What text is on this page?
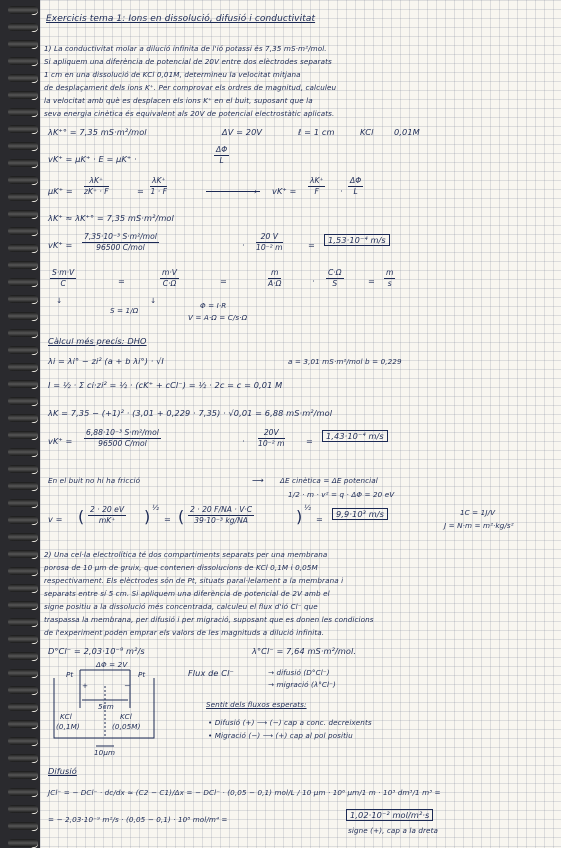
Exercicis tema 1: Ions en dissolució, difusió i conductivitat
1) La conductivitat molar a dilució infinita de l'ió potassi és 7,35 mS·m²/mol.
Si apliquem una diferència de potencial de 20V entre dos elèctrodes separats
1 cm en una dissolució de KCl 0,01M, determineu la velocitat mitjana
de desplaçament dels ions K⁺. Per comprovar els ordres de magnitud, calculeu
la velocitat amb què es desplacen els ions K⁺ en el buit, suposant que la
seva energia cinètica és equivalent als 20V de potencial electrostàtic aplicats.
λK⁺° = 7,35 mS·m²/mol	ΔV = 20V	ℓ = 1 cm	KCl	0,01M
vK⁺ = μK⁺ · E = μK⁺ ·	$\frac{\Delta\Phi}{L}$
$\mu K^+ = \frac{\lambda K^+}{zK^+ \cdot F}$	= $\frac{\lambda K^+}{1 \cdot F}$	› $vK^+ = \frac{\lambda K^+}{F} \cdot \frac{\Delta\Phi}{L}$
λK⁺ ≈ λK⁺° = 7,35 mS·m²/mol
vK⁺ =
7,35·10⁻³ S·m²/mol
96500 C/mol	· $\frac{20 V}{\text{10⁻² m}}$	=	1,53·10⁻⁴ m/s
$\frac{S\cdot m\cdot V}{C}$	=	$\frac{m\cdot V}{C\cdot\Omega}$	=	$\frac{m}{A\cdot\Omega}$	· $\frac{C\cdot\Omega}{S}$	= $\frac{m}{s}$
↓	↓
S = 1/Ω
Φ = I·R
V = A·Ω = C/s·Ω
Càlcul més precís: DHO
λi = λi° − zi² (a + b λi°) · √I	a = 3,01 mS·m²/mol b = 0,229
I = ½ · Σ ci·zi² = ½ · (cK⁺ + cCl⁻) = ½ · 2c = c = 0,01 M
λK = 7,35 − (+1)² · (3,01 + 0,229 · 7,35) · √0,01 = 6,88 mS·m²/mol
vK⁺ =
6,88·10⁻³ S·m²/mol
96500 C/mol	· $\frac{20V}{\text{10⁻² m}}$	=	1,43·10⁻⁴ m/s
En el buit no hi ha fricció	⟶ ΔE cinètica = ΔE potencial
1/2 · m · v² = q · ΔΦ = 20 eV
v = ( $\frac{2 \cdot 20 eV}{mK^+}$ ) ½
= ( $\frac{2 \cdot 20 F/NA \cdot V\cdot C}{\text{39·10⁻³ kg/NA}}$	) ½
=	9,9·10³ m/s	1C = 1J/V
J = N·m = m²·kg/s²
2) Una cel·la electrolítica té dos compartiments separats per una membrana
porosa de 10 μm de gruix, que contenen dissolucions de KCl 0,1M i 0,05M
respectivament. Els elèctrodes són de Pt, situats paral·lelament a la membrana i
separats entre sí 5 cm. Si apliquem una diferència de potencial de 2V amb el
signe positiu a la dissolució més concentrada, calculeu el flux d'ió Cl⁻ que
traspassa la membrana, per difusió i per migració, suposant que es donen les condicions
de l'experiment poden emprar els valors de les magnituds a dilució infinita.
D°Cl⁻ = 2,03·10⁻⁹ m²/s	λ°Cl⁻ = 7,64 mS·m²/mol.
ΔΦ = 2V
Pt	Pt
+	−
5cm
KCl
(0,1M)
KCl
(0,05M)
10μm
Flux de Cl⁻	→ difusió (D°Cl⁻)
→ migració (λ°Cl⁻)
Sentit dels fluxos esperats:
• Difusió (+) ⟶ (−) cap a conc. decreixents
• Migració (−) ⟶ (+) cap al pol positiu
Difusió
JCl⁻ = − DCl⁻ · dc/dx ≈ (C2 − C1)/Δx = − DCl⁻ · (0,05 − 0,1) mol/L / 10 μm · 10⁶ μm/1 m · 10³ dm³/1 m³ =
= − 2,03·10⁻⁹ m²/s · (0,05 − 0,1) · 10⁸ mol/m⁴ =	1,02·10⁻² mol/m²·s
signe (+), cap a la dreta
